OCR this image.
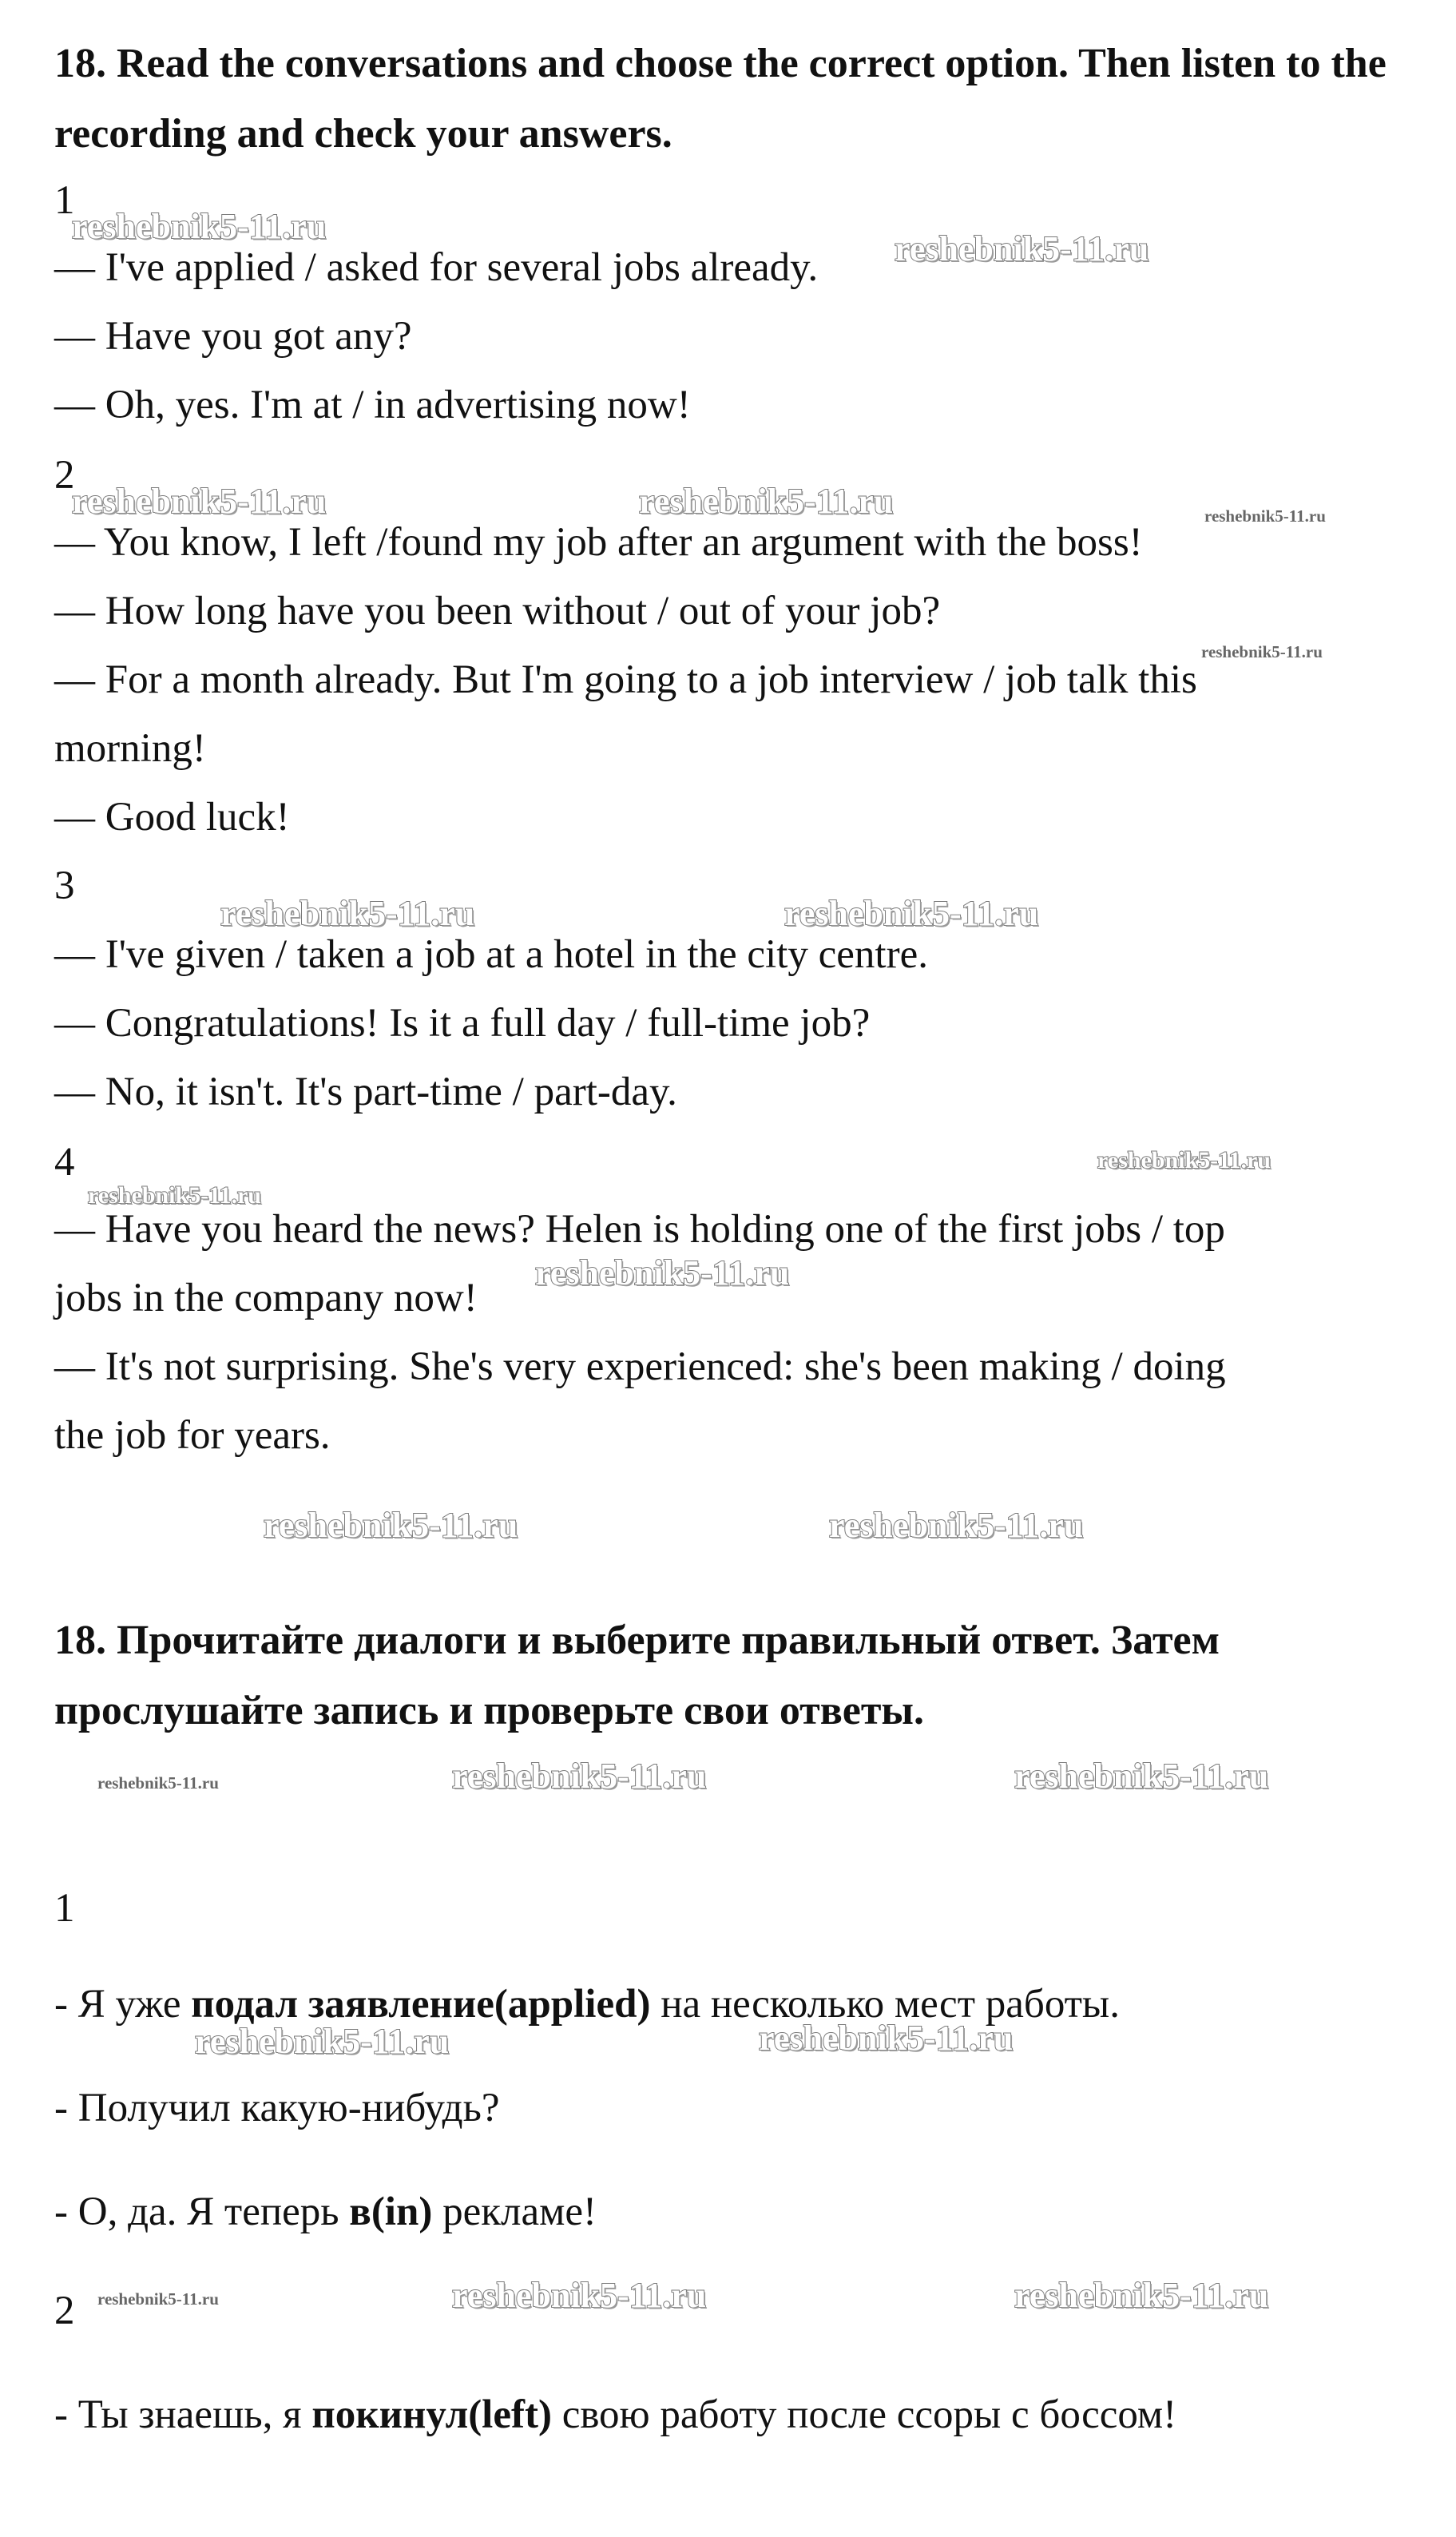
18. Read the conversations and choose the correct option. Then listen to the recording and check your answers.

1

— I've applied / asked for several jobs already.

— Have you got any?

— Oh, yes. I'm at / in advertising now!

2

— You know, I left /found my job after an argument with the boss!

— How long have you been without / out of your job?

— For a month already. But I'm going to a job interview / job talk this

morning!

— Good luck!

3

— I've given / taken a job at a hotel in the city centre.

— Congratulations! Is it a full day / full-time job?

— No, it isn't. It's part-time / part-day.

4

— Have you heard the news? Helen is holding one of the first jobs / top

jobs in the company now!

— It's not surprising. She's very experienced: she's been making / doing

the job for years.

18. Прочитайте диалоги и выберите правильный ответ. Затем прослушайте запись и проверьте свои ответы.

1

- Я уже подал заявление(applied) на несколько мест работы.

- Получил какую-нибудь?

- О, да. Я теперь в(in) рекламе!

2

- Ты знаешь, я покинул(left) свою работу после ссоры с боссом!

reshebnik5-11.ru
reshebnik5-11.ru
reshebnik5-11.ru	reshebnik5-11.ru	reshebnik5-11.ru
reshebnik5-11.ru
reshebnik5-11.ru	reshebnik5-11.ru
reshebnik5-11.ru
reshebnik5-11.ru
reshebnik5-11.ru
reshebnik5-11.ru	reshebnik5-11.ru
reshebnik5-11.ru	reshebnik5-11.ru	reshebnik5-11.ru
reshebnik5-11.ru	reshebnik5-11.ru
reshebnik5-11.ru	reshebnik5-11.ru	reshebnik5-11.ru
